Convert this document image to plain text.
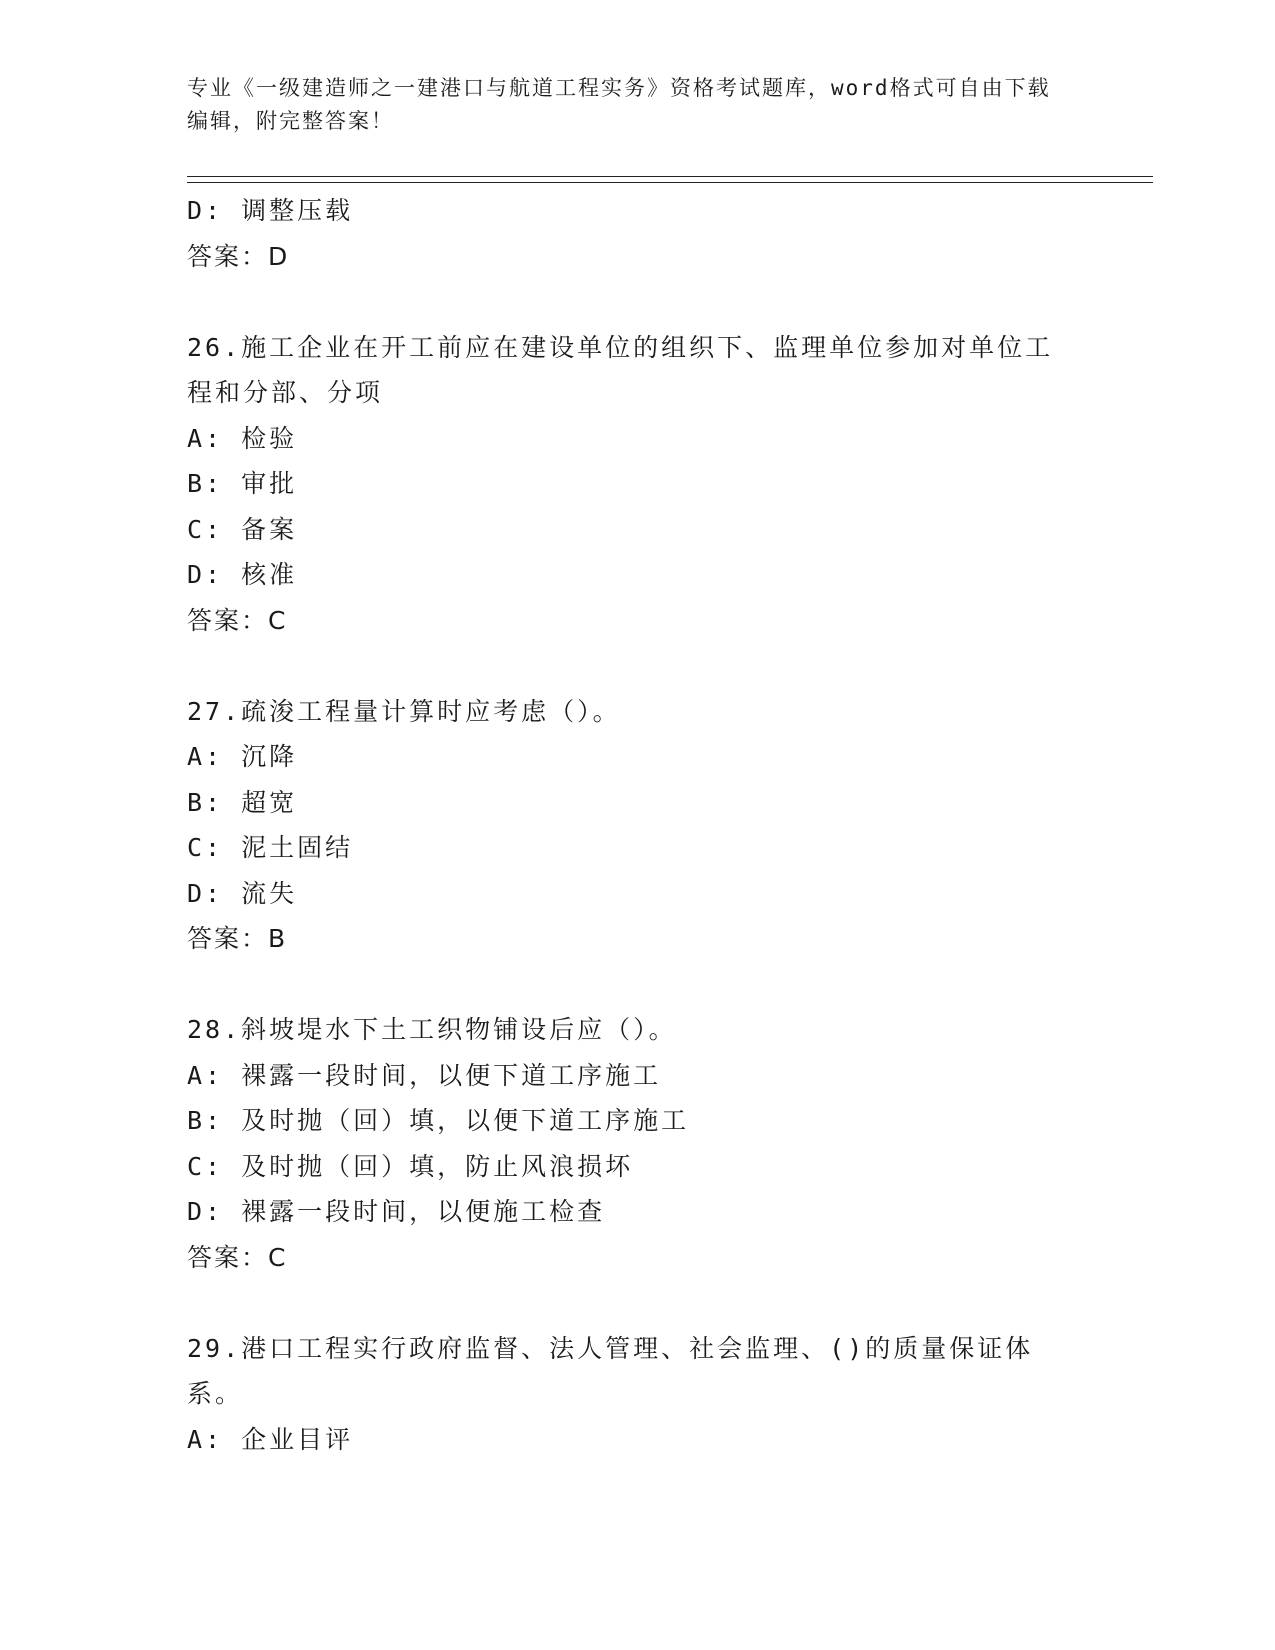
专业《一级建造师之一建港口与航道工程实务》资格考试题库，word格式可自由下载编辑，附完整答案！
D: 调整压载
答案：D
26.施工企业在开工前应在建设单位的组织下、监理单位参加对单位工程和分部、分项
A: 检验
B: 审批
C: 备案
D: 核准
答案：C
27.疏浚工程量计算时应考虑（）。
A: 沉降
B: 超宽
C: 泥土固结
D: 流失
答案：B
28.斜坡堤水下土工织物铺设后应（）。
A: 裸露一段时间，以便下道工序施工
B: 及时抛（回）填，以便下道工序施工
C: 及时抛（回）填，防止风浪损坏
D: 裸露一段时间，以便施工检查
答案：C
29.港口工程实行政府监督、法人管理、社会监理、()的质量保证体系。
A: 企业目评
